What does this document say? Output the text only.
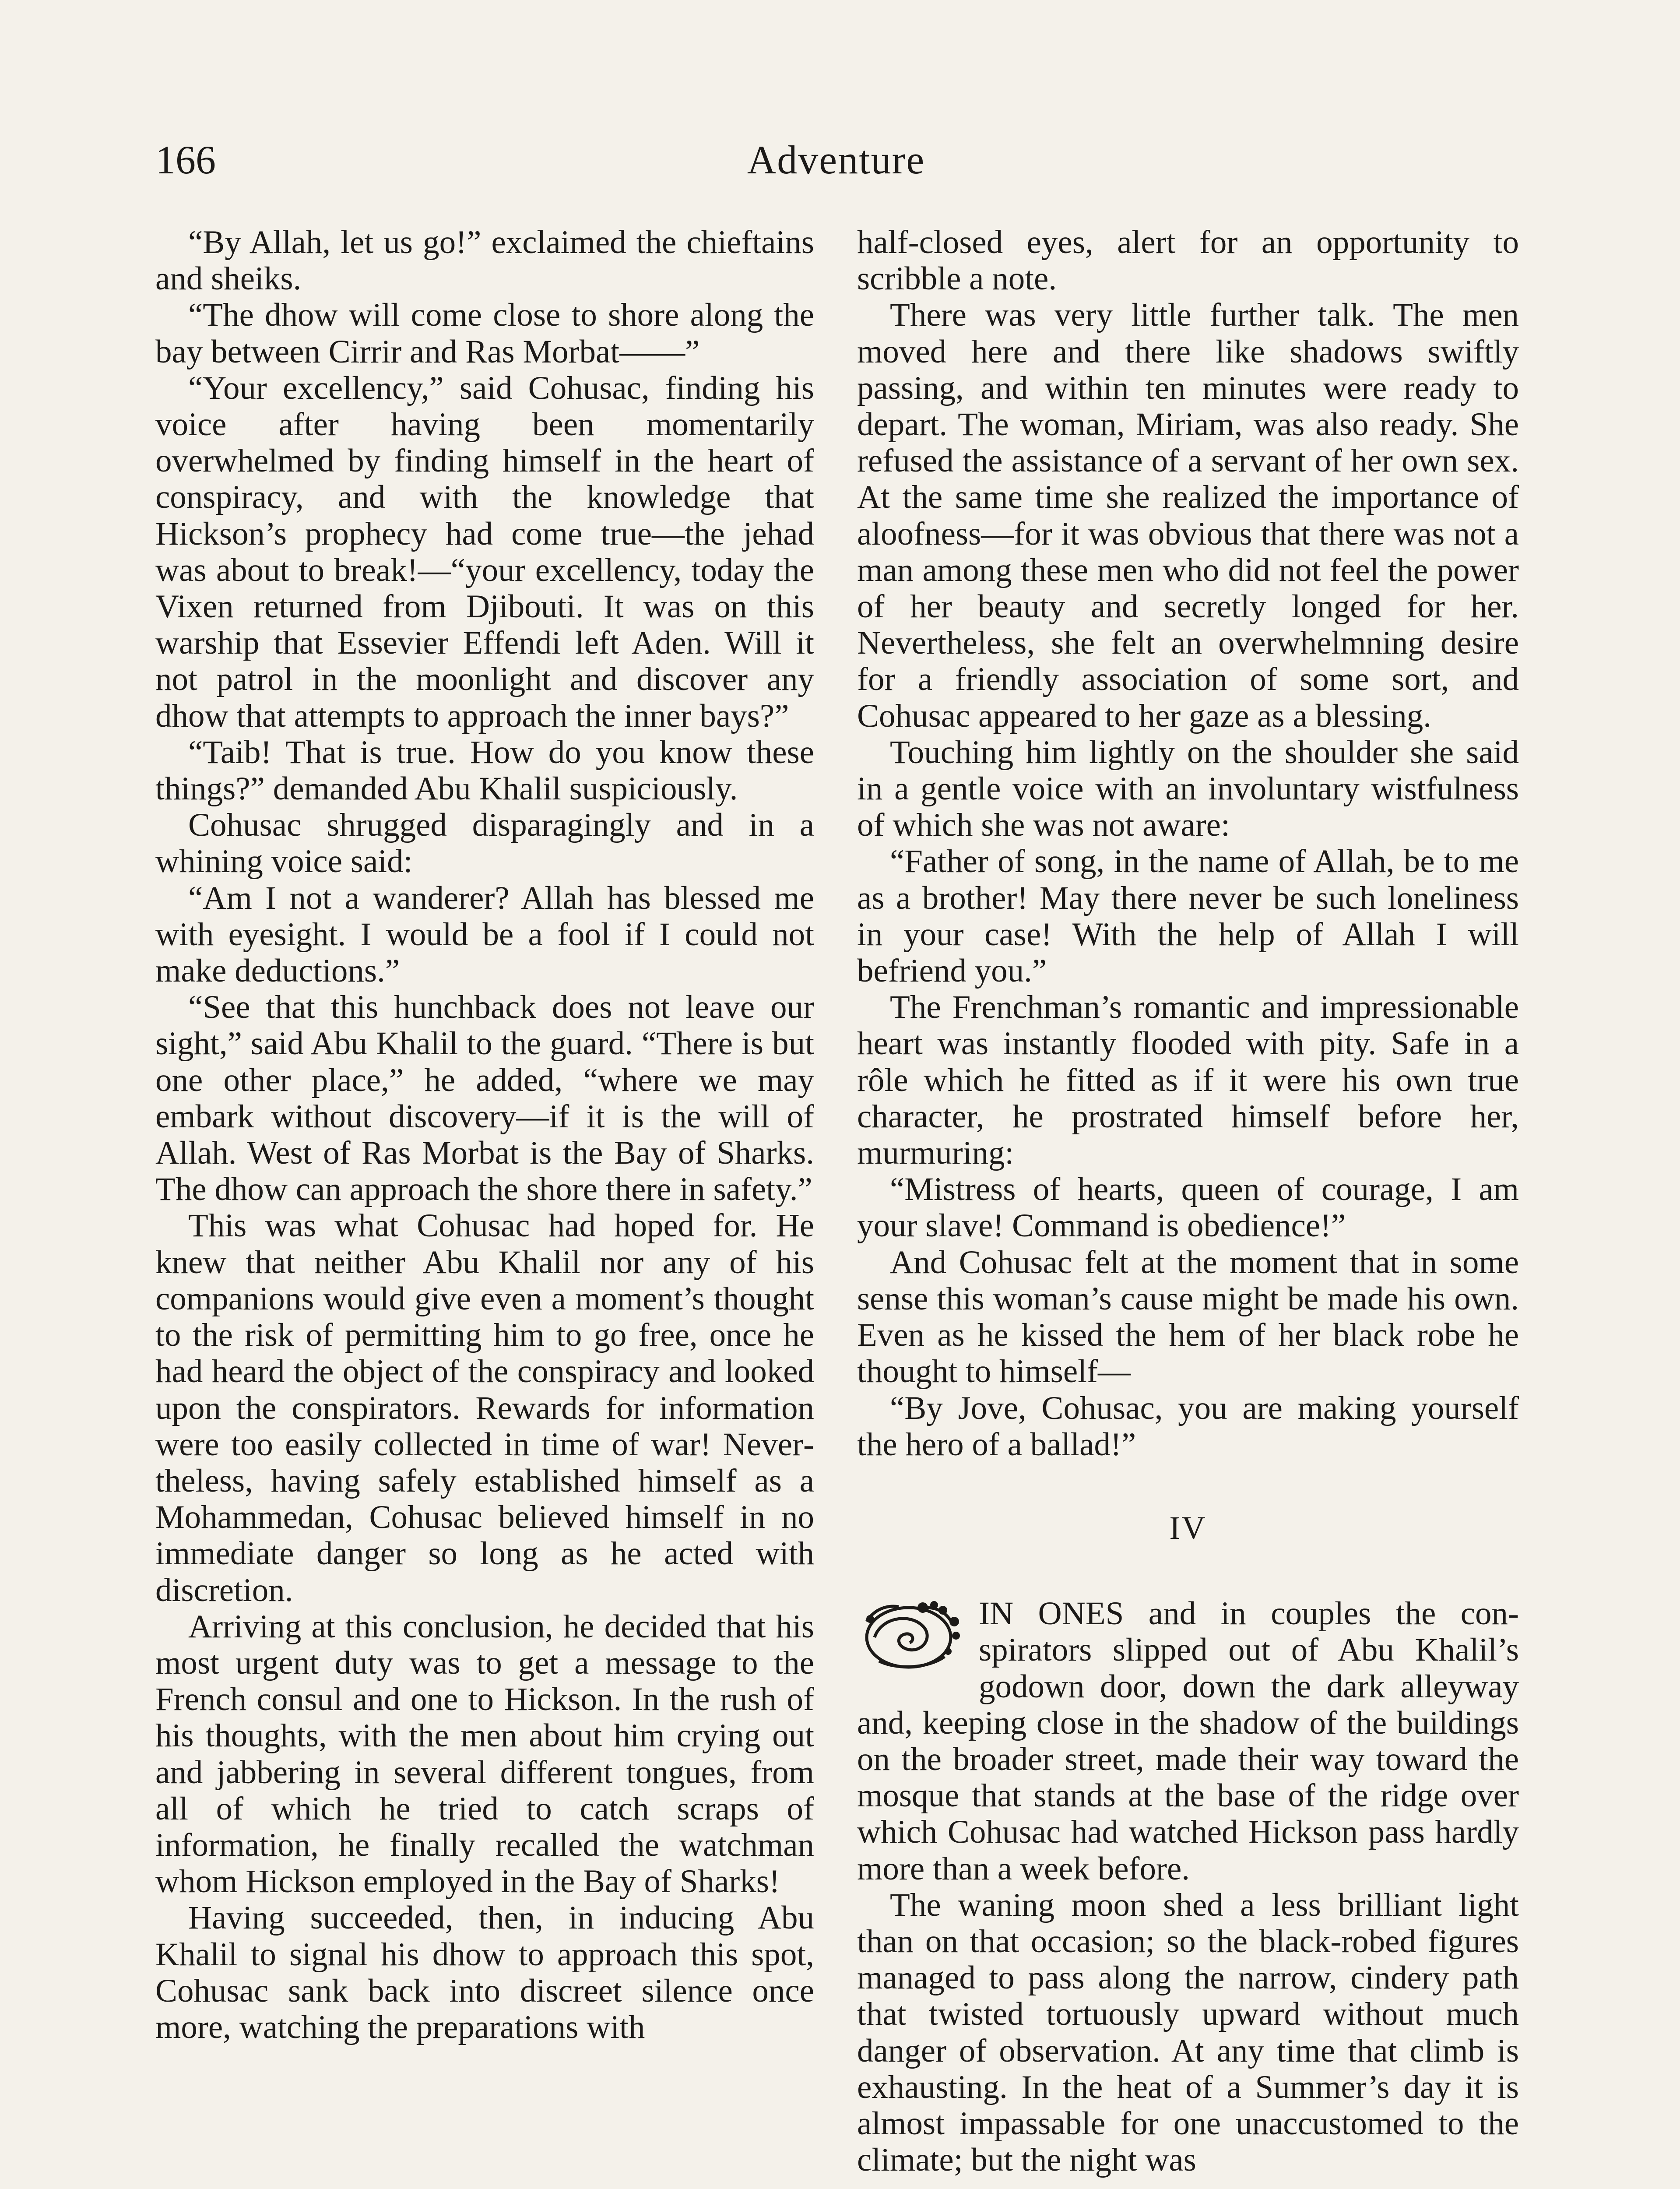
166	Adventure

“By Allah, let us go!” exclaimed the chieftains and sheiks.

“The dhow will come close to shore along the bay between Cirrir and Ras Morbat——”

“Your excellency,” said Cohusac, finding his voice after having been momentarily overwhelmed by finding himself in the heart of conspiracy, and with the knowledge that Hickson’s prophecy had come true—the jehad was about to break!—“your excellency, today the Vixen returned from Djibouti. It was on this warship that Essevier Effendi left Aden. Will it not patrol in the moonlight and discover any dhow that attempts to approach the inner bays?”

“Taib! That is true. How do you know these things?” demanded Abu Khalil suspiciously.

Cohusac shrugged disparagingly and in a whining voice said:

“Am I not a wanderer? Allah has blessed me with eyesight. I would be a fool if I could not make deductions.”

“See that this hunchback does not leave our sight,” said Abu Khalil to the guard. “There is but one other place,” he added, “where we may embark without discovery—if it is the will of Allah. West of Ras Morbat is the Bay of Sharks. The dhow can approach the shore there in safety.”

This was what Cohusac had hoped for. He knew that neither Abu Khalil nor any of his companions would give even a moment’s thought to the risk of permitting him to go free, once he had heard the object of the conspiracy and looked upon the conspirators. Rewards for information were too easily collected in time of war! Nevertheless, having safely established himself as a Mohammedan, Cohusac believed himself in no immediate danger so long as he acted with discretion.

Arriving at this conclusion, he decided that his most urgent duty was to get a message to the French consul and one to Hickson. In the rush of his thoughts, with the men about him crying out and jabbering in several different tongues, from all of which he tried to catch scraps of information, he finally recalled the watchman whom Hickson employed in the Bay of Sharks!

Having succeeded, then, in inducing Abu Khalil to signal his dhow to approach this spot, Cohusac sank back into discreet silence once more, watching the preparations with

half-closed eyes, alert for an opportunity to scribble a note.

There was very little further talk. The men moved here and there like shadows swiftly passing, and within ten minutes were ready to depart. The woman, Miriam, was also ready. She refused the assistance of a servant of her own sex. At the same time she realized the importance of aloofness—for it was obvious that there was not a man among these men who did not feel the power of her beauty and secretly longed for her. Nevertheless, she felt an overwhelmning desire for a friendly association of some sort, and Cohusac appeared to her gaze as a blessing.

Touching him lightly on the shoulder she said in a gentle voice with an involuntary wistfulness of which she was not aware:

“Father of song, in the name of Allah, be to me as a brother! May there never be such loneliness in your case! With the help of Allah I will befriend you.”

The Frenchman’s romantic and impressionable heart was instantly flooded with pity. Safe in a rôle which he fitted as if it were his own true character, he prostrated himself before her, murmuring:

“Mistress of hearts, queen of courage, I am your slave! Command is obedience!”

And Cohusac felt at the moment that in some sense this woman’s cause might be made his own. Even as he kissed the hem of her black robe he thought to himself—

“By Jove, Cohusac, you are making yourself the hero of a ballad!”

IV

IN ONES and in couples the conspirators slipped out of Abu Khalil’s godown door, down the dark alleyway and, keeping close in the shadow of the buildings on the broader street, made their way toward the mosque that stands at the base of the ridge over which Cohusac had watched Hickson pass hardly more than a week before.

The waning moon shed a less brilliant light than on that occasion; so the black-robed figures managed to pass along the narrow, cindery path that twisted tortuously upward without much danger of observation. At any time that climb is exhausting. In the heat of a Summer’s day it is almost impassable for one unaccustomed to the climate; but the night was
